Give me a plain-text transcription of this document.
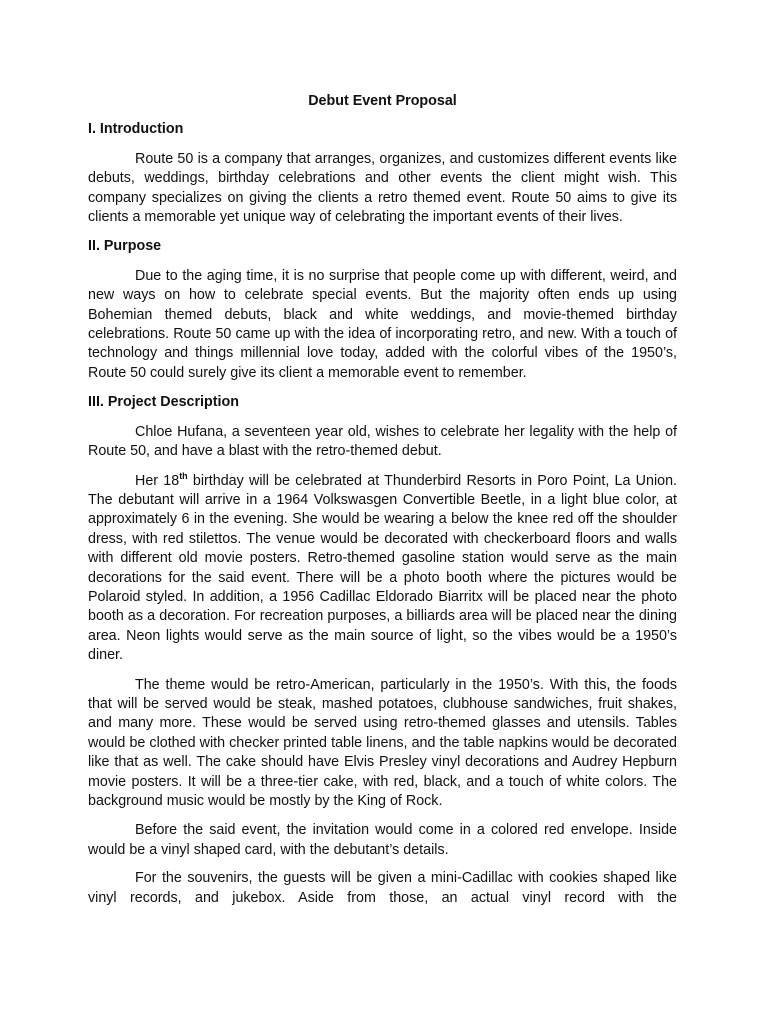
Debut Event Proposal
I. Introduction

Route 50 is a company that arranges, organizes, and customizes different events like debuts, weddings, birthday celebrations and other events the client might wish. This company specializes on giving the clients a retro themed event. Route 50 aims to give its clients a memorable yet unique way of celebrating the important events of their lives.

II. Purpose

Due to the aging time, it is no surprise that people come up with different, weird, and new ways on how to celebrate special events. But the majority often ends up using Bohemian themed debuts, black and white weddings, and movie-themed birthday celebrations. Route 50 came up with the idea of incorporating retro, and new. With a touch of technology and things millennial love today, added with the colorful vibes of the 1950’s, Route 50 could surely give its client a memorable event to remember.

III. Project Description

Chloe Hufana, a seventeen year old, wishes to celebrate her legality with the help of Route 50, and have a blast with the retro-themed debut.

Her 18th birthday will be celebrated at Thunderbird Resorts in Poro Point, La Union. The debutant will arrive in a 1964 Volkswasgen Convertible Beetle, in a light blue color, at approximately 6 in the evening. She would be wearing a below the knee red off the shoulder dress, with red stilettos. The venue would be decorated with checkerboard floors and walls with different old movie posters. Retro-themed gasoline station would serve as the main decorations for the said event. There will be a photo booth where the pictures would be Polaroid styled. In addition, a 1956 Cadillac Eldorado Biarritx will be placed near the photo booth as a decoration. For recreation purposes, a billiards area will be placed near the dining area. Neon lights would serve as the main source of light, so the vibes would be a 1950’s diner.

The theme would be retro-American, particularly in the 1950’s. With this, the foods that will be served would be steak, mashed potatoes, clubhouse sandwiches, fruit shakes, and many more. These would be served using retro-themed glasses and utensils. Tables would be clothed with checker printed table linens, and the table napkins would be decorated like that as well. The cake should have Elvis Presley vinyl decorations and Audrey Hepburn movie posters. It will be a three-tier cake, with red, black, and a touch of white colors. The background music would be mostly by the King of Rock.

Before the said event, the invitation would come in a colored red envelope. Inside would be a vinyl shaped card, with the debutant’s details.

For the souvenirs, the guests will be given a mini-Cadillac with cookies shaped like vinyl records, and jukebox. Aside from those, an actual vinyl record with the
